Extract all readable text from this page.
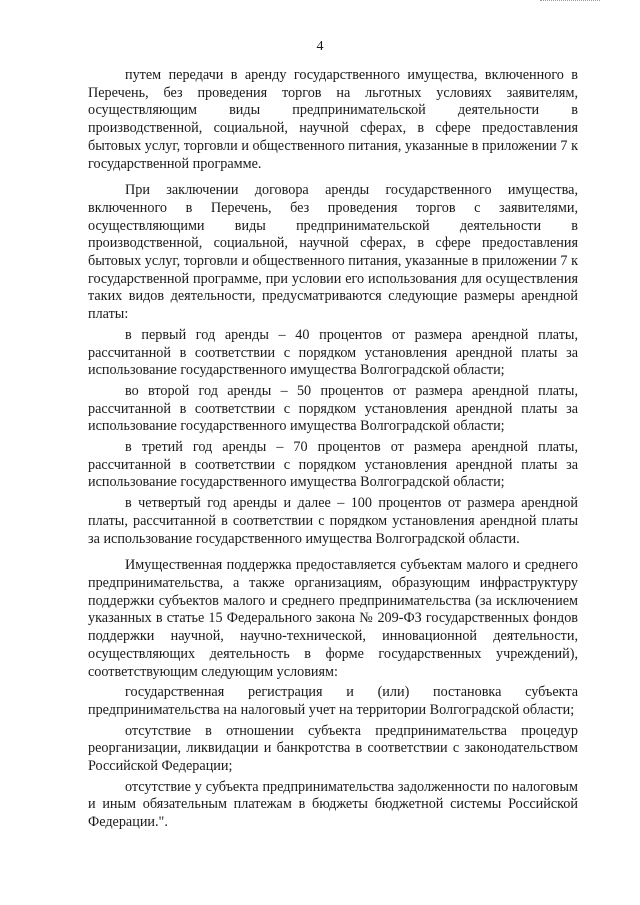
4

путем передачи в аренду государственного имущества, включенного в Перечень, без проведения торгов на льготных условиях заявителям, осуществляющим виды предпринимательской деятельности в производственной, социальной, научной сферах, в сфере предоставления бытовых услуг, торговли и общественного питания, указанные в приложении 7 к государственной программе.

При заключении договора аренды государственного имущества, включенного в Перечень, без проведения торгов с заявителями, осуществляющими виды предпринимательской деятельности в производственной, социальной, научной сферах, в сфере предоставления бытовых услуг, торговли и общественного питания, указанные в приложении 7 к государственной программе, при условии его использования для осуществления таких видов деятельности, предусматриваются следующие размеры арендной платы:

в первый год аренды – 40 процентов от размера арендной платы, рассчитанной в соответствии с порядком установления арендной платы за использование государственного имущества Волгоградской области;

во второй год аренды – 50 процентов от размера арендной платы, рассчитанной в соответствии с порядком установления арендной платы за использование государственного имущества Волгоградской области;

в третий год аренды – 70 процентов от размера арендной платы, рассчитанной в соответствии с порядком установления арендной платы за использование государственного имущества Волгоградской области;

в четвертый год аренды и далее – 100 процентов от размера арендной платы, рассчитанной в соответствии с порядком установления арендной платы за использование государственного имущества Волгоградской области.

Имущественная поддержка предоставляется субъектам малого и среднего предпринимательства, а также организациям, образующим инфраструктуру поддержки субъектов малого и среднего предпринимательства (за исключением указанных в статье 15 Федерального закона № 209-ФЗ государственных фондов поддержки научной, научно-технической, инновационной деятельности, осуществляющих деятельность в форме государственных учреждений), соответствующим следующим условиям:

государственная регистрация и (или) постановка субъекта предпринимательства на налоговый учет на территории Волгоградской области;

отсутствие в отношении субъекта предпринимательства процедур реорганизации, ликвидации и банкротства в соответствии с законодательством Российской Федерации;

отсутствие у субъекта предпринимательства задолженности по налоговым и иным обязательным платежам в бюджеты бюджетной системы Российской Федерации.".
